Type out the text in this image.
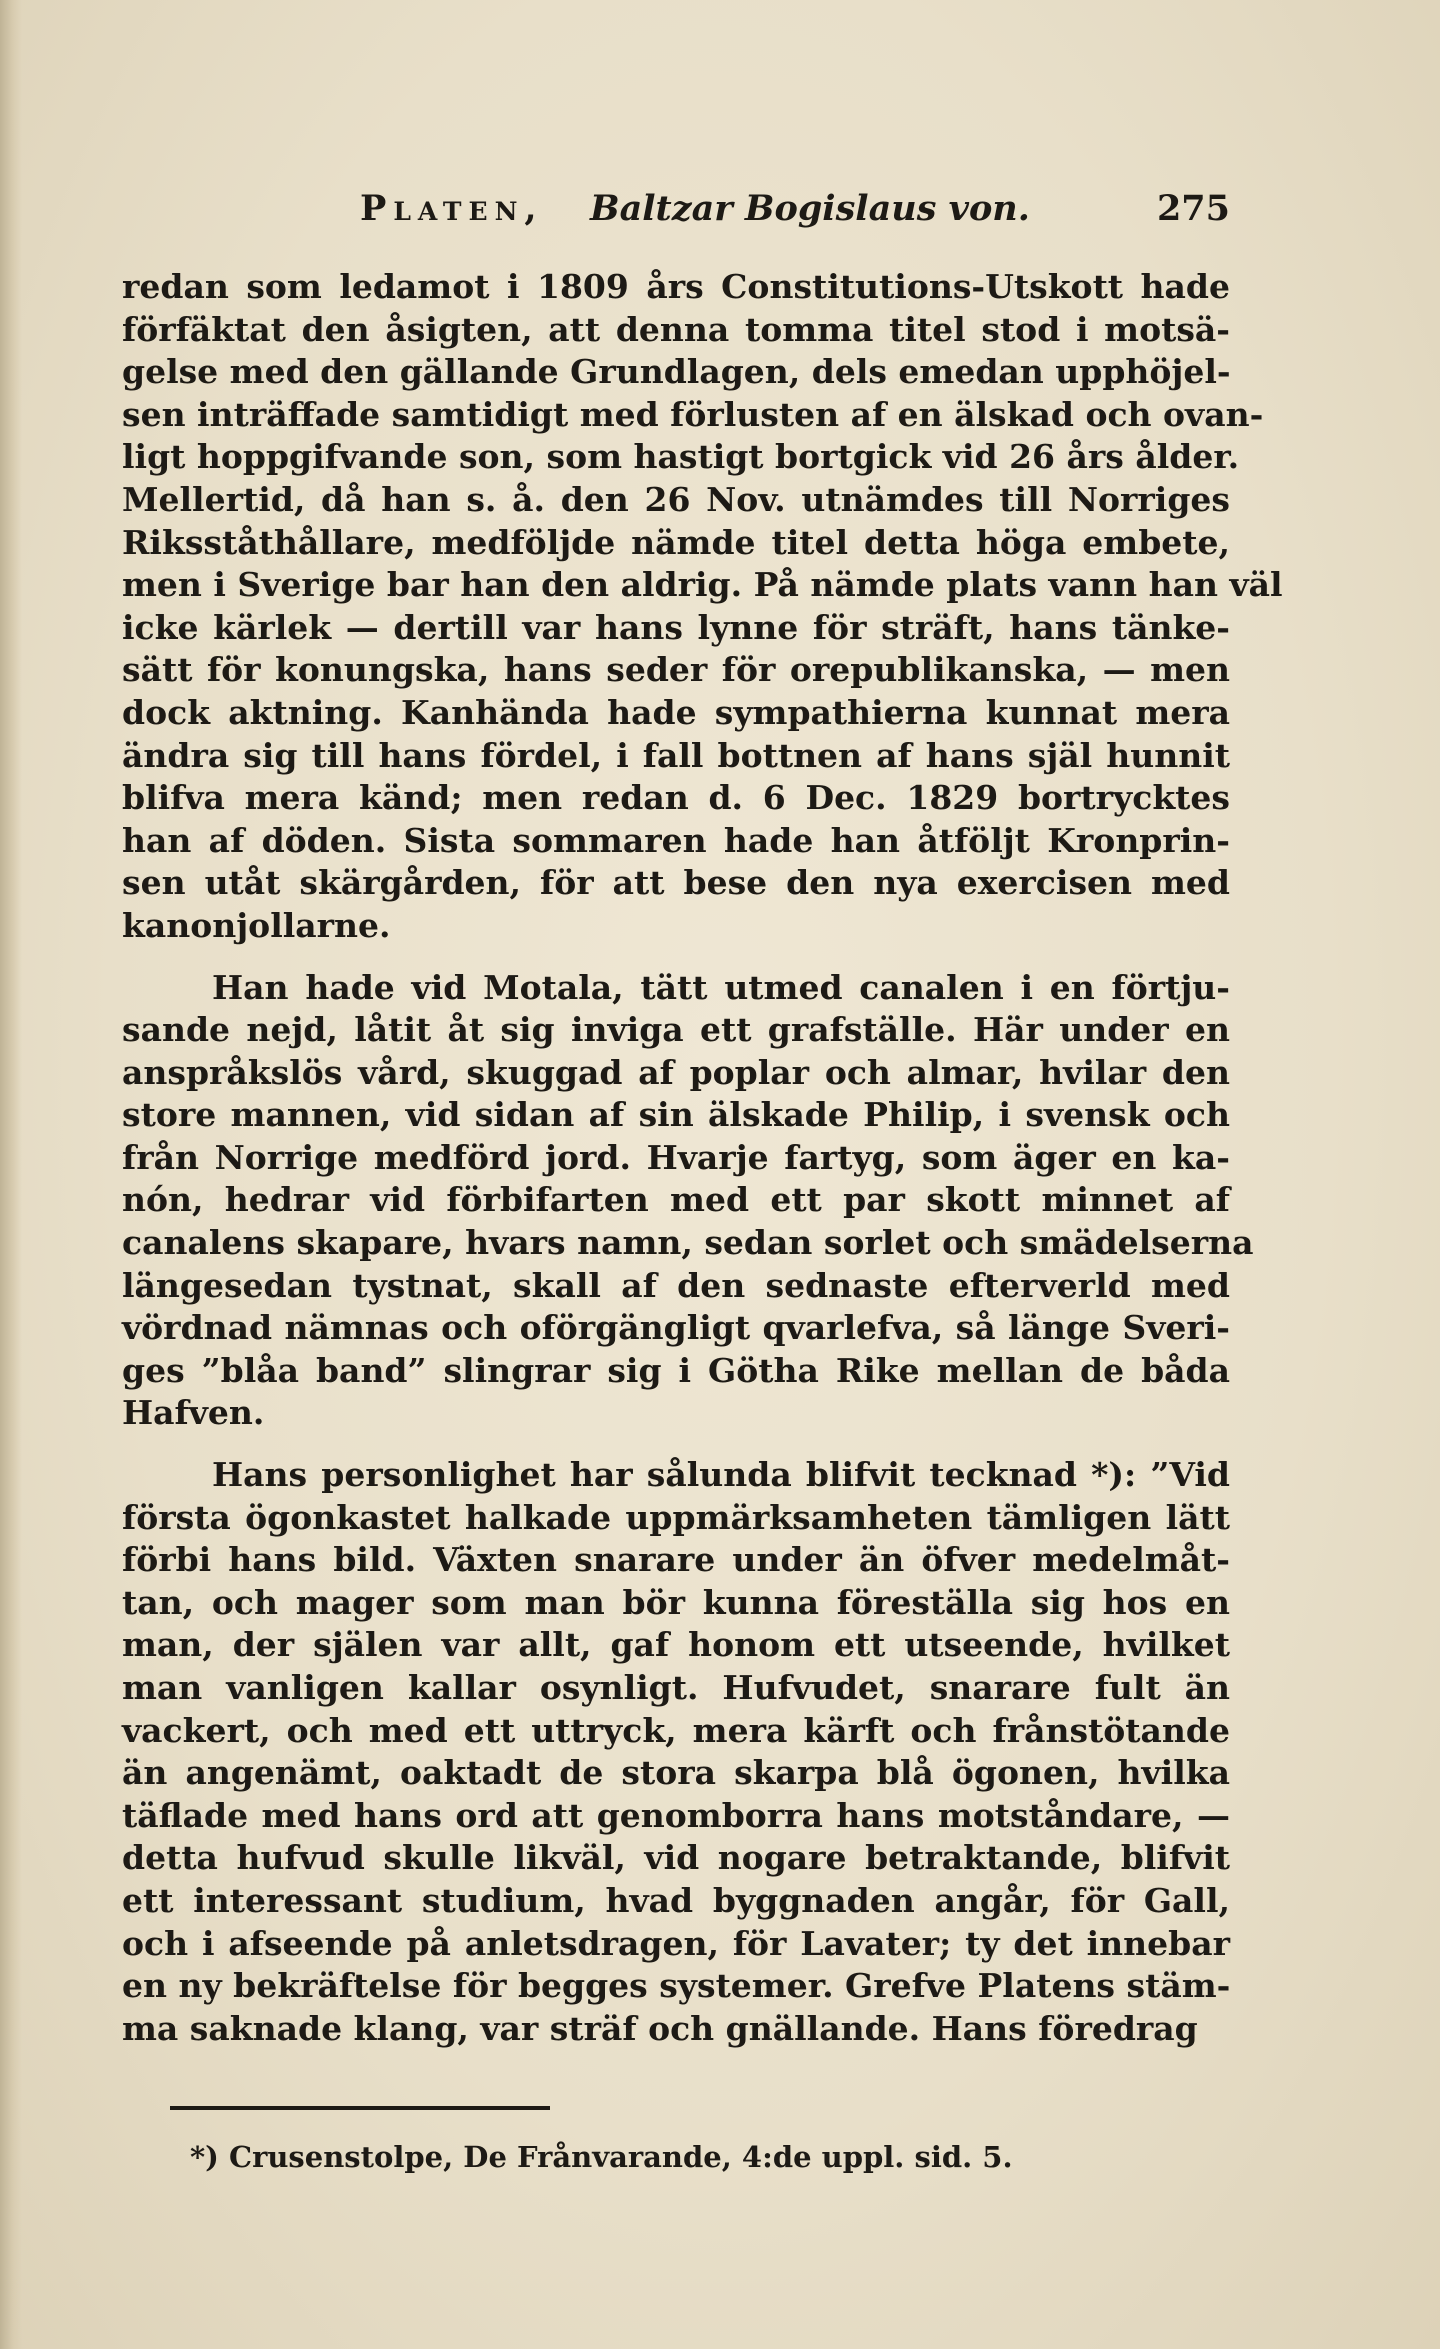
Platen, Baltzar Bogislaus von.	275
redan som ledamot i 1809 års Constitutions-Utskott hade
förfäktat den åsigten, att denna tomma titel stod i motsä-
gelse med den gällande Grundlagen, dels emedan upphöjel-
sen inträffade samtidigt med förlusten af en älskad och ovan-
ligt hoppgifvande son, som hastigt bortgick vid 26 års ålder.
Mellertid, då han s. å. den 26 Nov. utnämdes till Norriges
Riksståthållare, medföljde nämde titel detta höga embete,
men i Sverige bar han den aldrig. På nämde plats vann han väl
icke kärlek — dertill var hans lynne för sträft, hans tänke-
sätt för konungska, hans seder för orepublikanska, — men
dock aktning. Kanhända hade sympathierna kunnat mera
ändra sig till hans fördel, i fall bottnen af hans själ hunnit
blifva mera känd; men redan d. 6 Dec. 1829 bortrycktes
han af döden. Sista sommaren hade han åtföljt Kronprin-
sen utåt skärgården, för att bese den nya exercisen med
kanonjollarne.
Han hade vid Motala, tätt utmed canalen i en förtju-
sande nejd, låtit åt sig inviga ett grafställe. Här under en
anspråkslös vård, skuggad af poplar och almar, hvilar den
store mannen, vid sidan af sin älskade Philip, i svensk och
från Norrige medförd jord. Hvarje fartyg, som äger en ka-
nón, hedrar vid förbifarten med ett par skott minnet af
canalens skapare, hvars namn, sedan sorlet och smädelserna
längesedan tystnat, skall af den sednaste efterverld med
vördnad nämnas och oförgängligt qvarlefva, så länge Sveri-
ges ”blåa band” slingrar sig i Götha Rike mellan de båda
Hafven.
Hans personlighet har sålunda blifvit tecknad *): ”Vid
första ögonkastet halkade uppmärksamheten tämligen lätt
förbi hans bild. Växten snarare under än öfver medelmåt-
tan, och mager som man bör kunna föreställa sig hos en
man, der själen var allt, gaf honom ett utseende, hvilket
man vanligen kallar osynligt. Hufvudet, snarare fult än
vackert, och med ett uttryck, mera kärft och frånstötande
än angenämt, oaktadt de stora skarpa blå ögonen, hvilka
täflade med hans ord att genomborra hans motståndare, —
detta hufvud skulle likväl, vid nogare betraktande, blifvit
ett interessant studium, hvad byggnaden angår, för Gall,
och i afseende på anletsdragen, för Lavater; ty det innebar
en ny bekräftelse för begges systemer. Grefve Platens stäm-
ma saknade klang, var sträf och gnällande. Hans föredrag
*) Crusenstolpe, De Frånvarande, 4:de uppl. sid. 5.
